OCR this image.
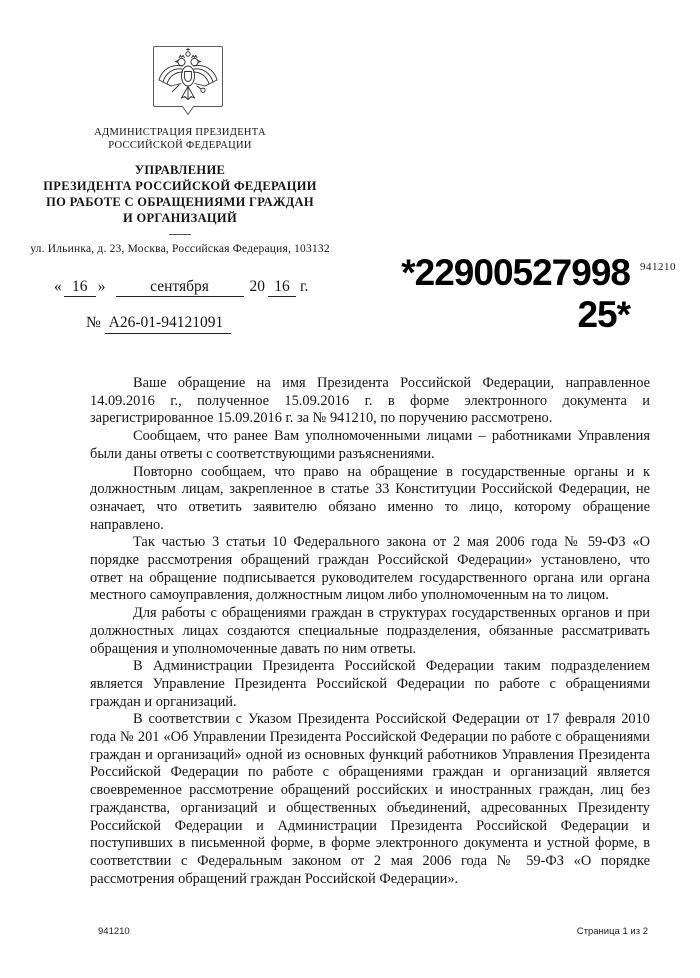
АДМИНИСТРАЦИЯ ПРЕЗИДЕНТА
РОССИЙСКОЙ ФЕДЕРАЦИИ
УПРАВЛЕНИЕ
ПРЕЗИДЕНТА РОССИЙСКОЙ ФЕДЕРАЦИИ
ПО РАБОТЕ С ОБРАЩЕНИЯМИ ГРАЖДАН
И ОРГАНИЗАЦИЙ
ул. Ильинка, д. 23, Москва, Российская Федерация, 103132
« 16 »	сентября	20 16 г.
№ А26-01-94121091
*22900527998
25*
941210

Ваше обращение на имя Президента Российской Федерации, направленное 14.09.2016 г., полученное 15.09.2016 г. в форме электронного документа и зарегистрированное 15.09.2016 г. за № 941210, по поручению рассмотрено.

Сообщаем, что ранее Вам уполномоченными лицами – работниками Управления были даны ответы с соответствующими разъяснениями.

Повторно сообщаем, что право на обращение в государственные органы и к должностным лицам, закрепленное в статье 33 Конституции Российской Федерации, не означает, что ответить заявителю обязано именно то лицо, которому обращение направлено.

Так частью 3 статьи 10 Федерального закона от 2 мая 2006 года № 59-ФЗ «О порядке рассмотрения обращений граждан Российской Федерации» установлено, что ответ на обращение подписывается руководителем государственного органа или органа местного самоуправления, должностным лицом либо уполномоченным на то лицом.

Для работы с обращениями граждан в структурах государственных органов и при должностных лицах создаются специальные подразделения, обязанные рассматривать обращения и уполномоченные давать по ним ответы.

В Администрации Президента Российской Федерации таким подразделением является Управление Президента Российской Федерации по работе с обращениями граждан и организаций.

В соответствии с Указом Президента Российской Федерации от 17 февраля 2010 года № 201 «Об Управлении Президента Российской Федерации по работе с обращениями граждан и организаций» одной из основных функций работников Управления Президента Российской Федерации по работе с обращениями граждан и организаций является своевременное рассмотрение обращений российских и иностранных граждан, лиц без гражданства, организаций и общественных объединений, адресованных Президенту Российской Федерации и Администрации Президента Российской Федерации и поступивших в письменной форме, в форме электронного документа и устной форме, в соответствии с Федеральным законом от 2 мая 2006 года № 59-ФЗ «О порядке рассмотрения обращений граждан Российской Федерации».

941210	Страница 1 из 2
